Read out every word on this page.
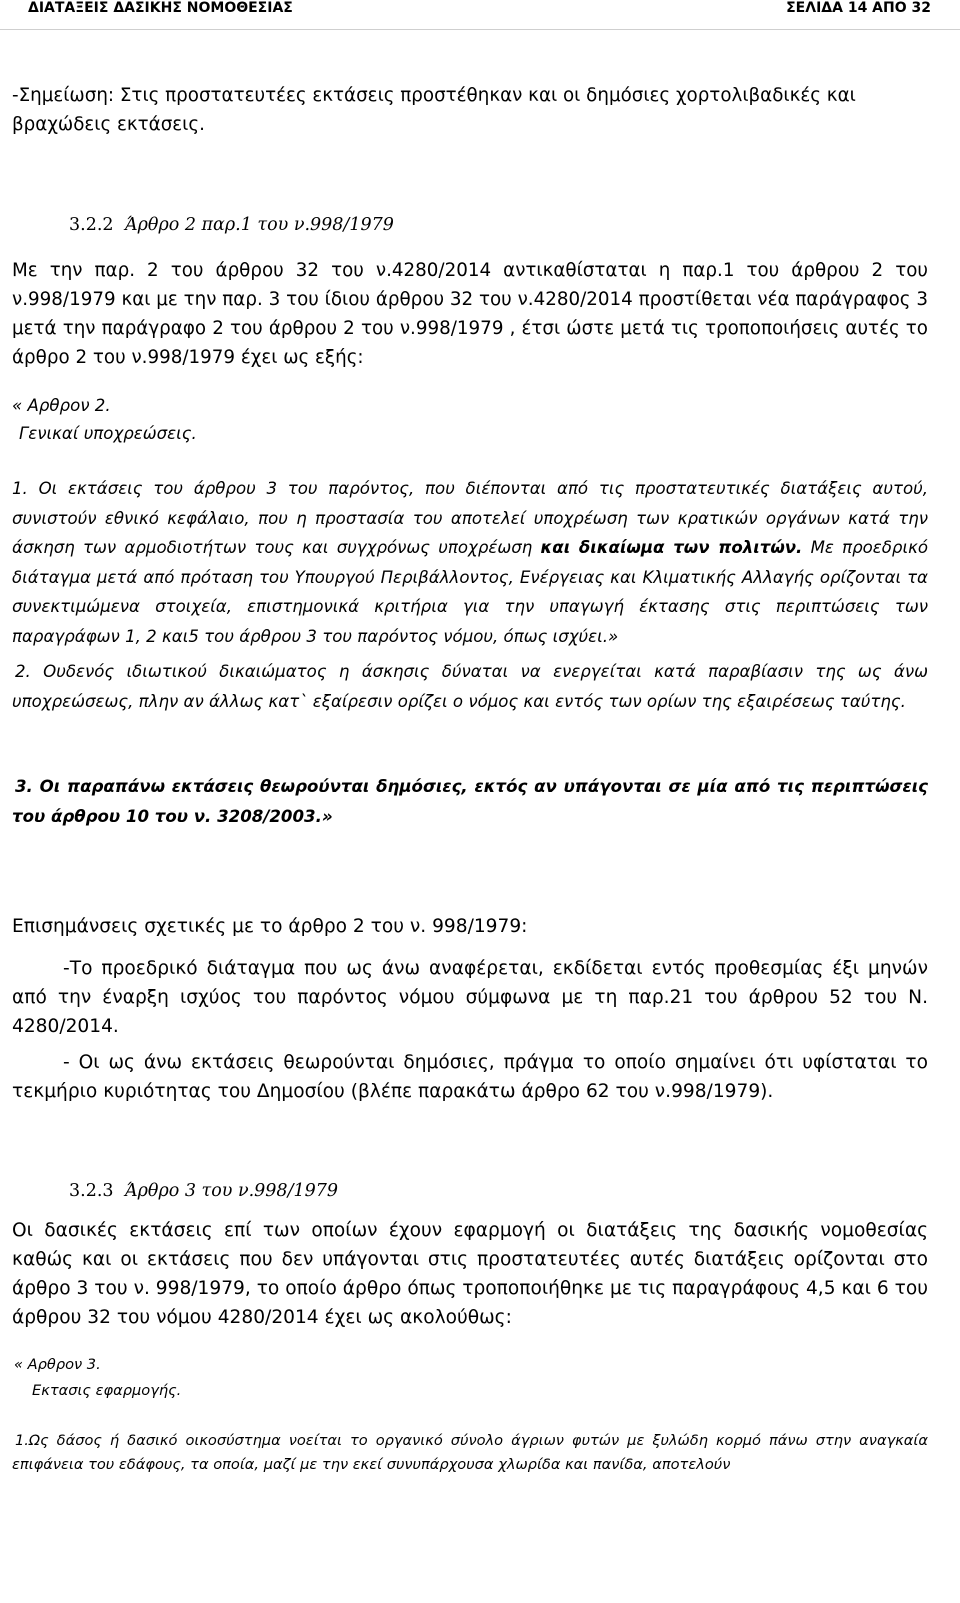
ΔΙΑΤΑΞΕΙΣ ΔΑΣΙΚΗΣ ΝΟΜΟΘΕΣΙΑΣ	ΣΕΛΙΔΑ 14 ΑΠΟ 32

-Σημείωση: Στις προστατευτέες εκτάσεις προστέθηκαν και οι δημόσιες χορτολιβαδικές και βραχώδεις εκτάσεις.

3.2.2 Άρθρο 2 παρ.1 του ν.998/1979

Με την παρ. 2 του άρθρου 32 του ν.4280/2014 αντικαθίσταται η παρ.1 του άρθρου 2 του ν.998/1979 και με την παρ. 3 του ίδιου άρθρου 32 του ν.4280/2014 προστίθεται νέα παράγραφος 3 μετά την παράγραφο 2 του άρθρου 2 του ν.998/1979 , έτσι ώστε μετά τις τροποποιήσεις αυτές το άρθρο 2 του ν.998/1979 έχει ως εξής:

« Αρθρον 2.

Γενικαί υποχρεώσεις.

1. Οι εκτάσεις του άρθρου 3 του παρόντος, που διέπονται από τις προστατευτικές διατάξεις αυτού, συνιστούν εθνικό κεφάλαιο, που η προστασία του αποτελεί υποχρέωση των κρατικών οργάνων κατά την άσκηση των αρμοδιοτήτων τους και συγχρόνως υποχρέωση και δικαίωμα των πολιτών. Με προεδρικό διάταγμα μετά από πρόταση του Υπουργού Περιβάλλοντος, Ενέργειας και Κλιματικής Αλλαγής ορίζονται τα συνεκτιμώμενα στοιχεία, επιστημονικά κριτήρια για την υπαγωγή έκτασης στις περιπτώσεις των παραγράφων 1, 2 και5 του άρθρου 3 του παρόντος νόμου, όπως ισχύει.»

2. Ουδενός ιδιωτικού δικαιώματος η άσκησις δύναται να ενεργείται κατά παραβίασιν της ως άνω υποχρεώσεως, πλην αν άλλως κατ` εξαίρεσιν ορίζει ο νόμος και εντός των ορίων της εξαιρέσεως ταύτης.

3. Οι παραπάνω εκτάσεις θεωρούνται δημόσιες, εκτός αν υπάγονται σε μία από τις περιπτώσεις του άρθρου 10 του ν. 3208/2003.»

Επισημάνσεις σχετικές με το άρθρο 2 του ν. 998/1979:

-Το προεδρικό διάταγμα που ως άνω αναφέρεται, εκδίδεται εντός προθεσμίας έξι μηνών από την έναρξη ισχύος του παρόντος νόμου σύμφωνα με τη παρ.21 του άρθρου 52 του Ν. 4280/2014.

- Οι ως άνω εκτάσεις θεωρούνται δημόσιες, πράγμα το οποίο σημαίνει ότι υφίσταται το τεκμήριο κυριότητας του Δημοσίου (βλέπε παρακάτω άρθρο 62 του ν.998/1979).

3.2.3 Άρθρο 3 του ν.998/1979

Οι δασικές εκτάσεις επί των οποίων έχουν εφαρμογή οι διατάξεις της δασικής νομοθεσίας καθώς και οι εκτάσεις που δεν υπάγονται στις προστατευτέες αυτές διατάξεις ορίζονται στο άρθρο 3 του ν. 998/1979, το οποίο άρθρο όπως τροποποιήθηκε με τις παραγράφους 4,5 και 6 του άρθρου 32 του νόμου 4280/2014 έχει ως ακολούθως:

« Αρθρον 3.

Εκτασις εφαρμογής.

1.Ως δάσος ή δασικό οικοσύστημα νοείται το οργανικό σύνολο άγριων φυτών με ξυλώδη κορμό πάνω στην αναγκαία επιφάνεια του εδάφους, τα οποία, μαζί με την εκεί συνυπάρχουσα χλωρίδα και πανίδα, αποτελούν
